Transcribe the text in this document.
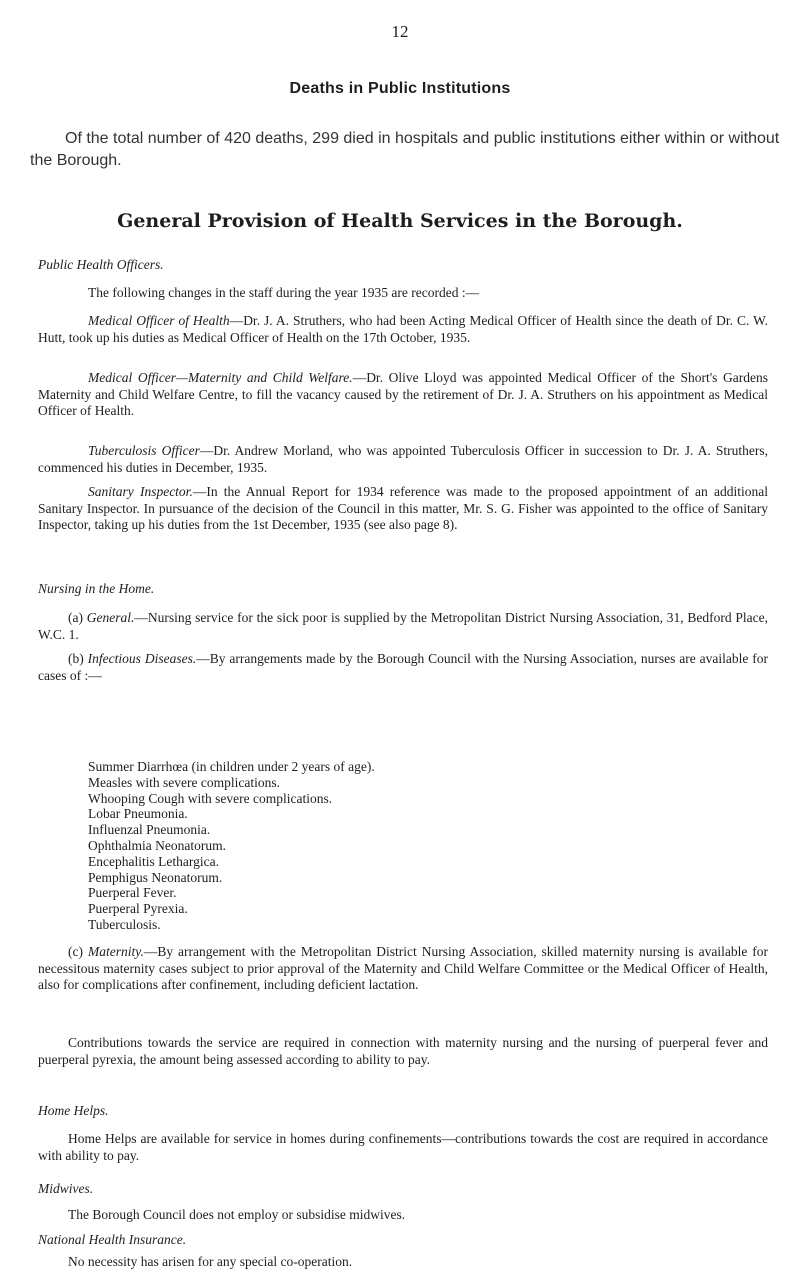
12
Deaths in Public Institutions
Of the total number of 420 deaths, 299 died in hospitals and public institutions either within or without the Borough.
General Provision of Health Services in the Borough.
Public Health Officers.

The following changes in the staff during the year 1935 are recorded :—

Medical Officer of Health—Dr. J. A. Struthers, who had been Acting Medical Officer of Health since the death of Dr. C. W. Hutt, took up his duties as Medical Officer of Health on the 17th October, 1935.

Medical Officer—Maternity and Child Welfare.—Dr. Olive Lloyd was appointed Medical Officer of the Short's Gardens Maternity and Child Welfare Centre, to fill the vacancy caused by the retirement of Dr. J. A. Struthers on his appointment as Medical Officer of Health.

Tuberculosis Officer—Dr. Andrew Morland, who was appointed Tuberculosis Officer in succession to Dr. J. A. Struthers, commenced his duties in December, 1935.

Sanitary Inspector.—In the Annual Report for 1934 reference was made to the proposed appointment of an additional Sanitary Inspector. In pursuance of the decision of the Council in this matter, Mr. S. G. Fisher was appointed to the office of Sanitary Inspector, taking up his duties from the 1st December, 1935 (see also page 8).

Nursing in the Home.

(a) General.—Nursing service for the sick poor is supplied by the Metropolitan District Nursing Association, 31, Bedford Place, W.C. 1.

(b) Infectious Diseases.—By arrangements made by the Borough Council with the Nursing Association, nurses are available for cases of :—

Summer Diarrhœa (in children under 2 years of age).
Measles with severe complications.
Whooping Cough with severe complications.
Lobar Pneumonia.
Influenzal Pneumonia.
Ophthalmia Neonatorum.
Encephalitis Lethargica.
Pemphigus Neonatorum.
Puerperal Fever.
Puerperal Pyrexia.
Tuberculosis.

(c) Maternity.—By arrangement with the Metropolitan District Nursing Association, skilled maternity nursing is available for necessitous maternity cases subject to prior approval of the Maternity and Child Welfare Committee or the Medical Officer of Health, also for complications after confinement, including deficient lactation.

Contributions towards the service are required in connection with maternity nursing and the nursing of puerperal fever and puerperal pyrexia, the amount being assessed according to ability to pay.

Home Helps.

Home Helps are available for service in homes during confinements—contributions towards the cost are required in accordance with ability to pay.

Midwives.

The Borough Council does not employ or subsidise midwives.

National Health Insurance.

No necessity has arisen for any special co-operation.
